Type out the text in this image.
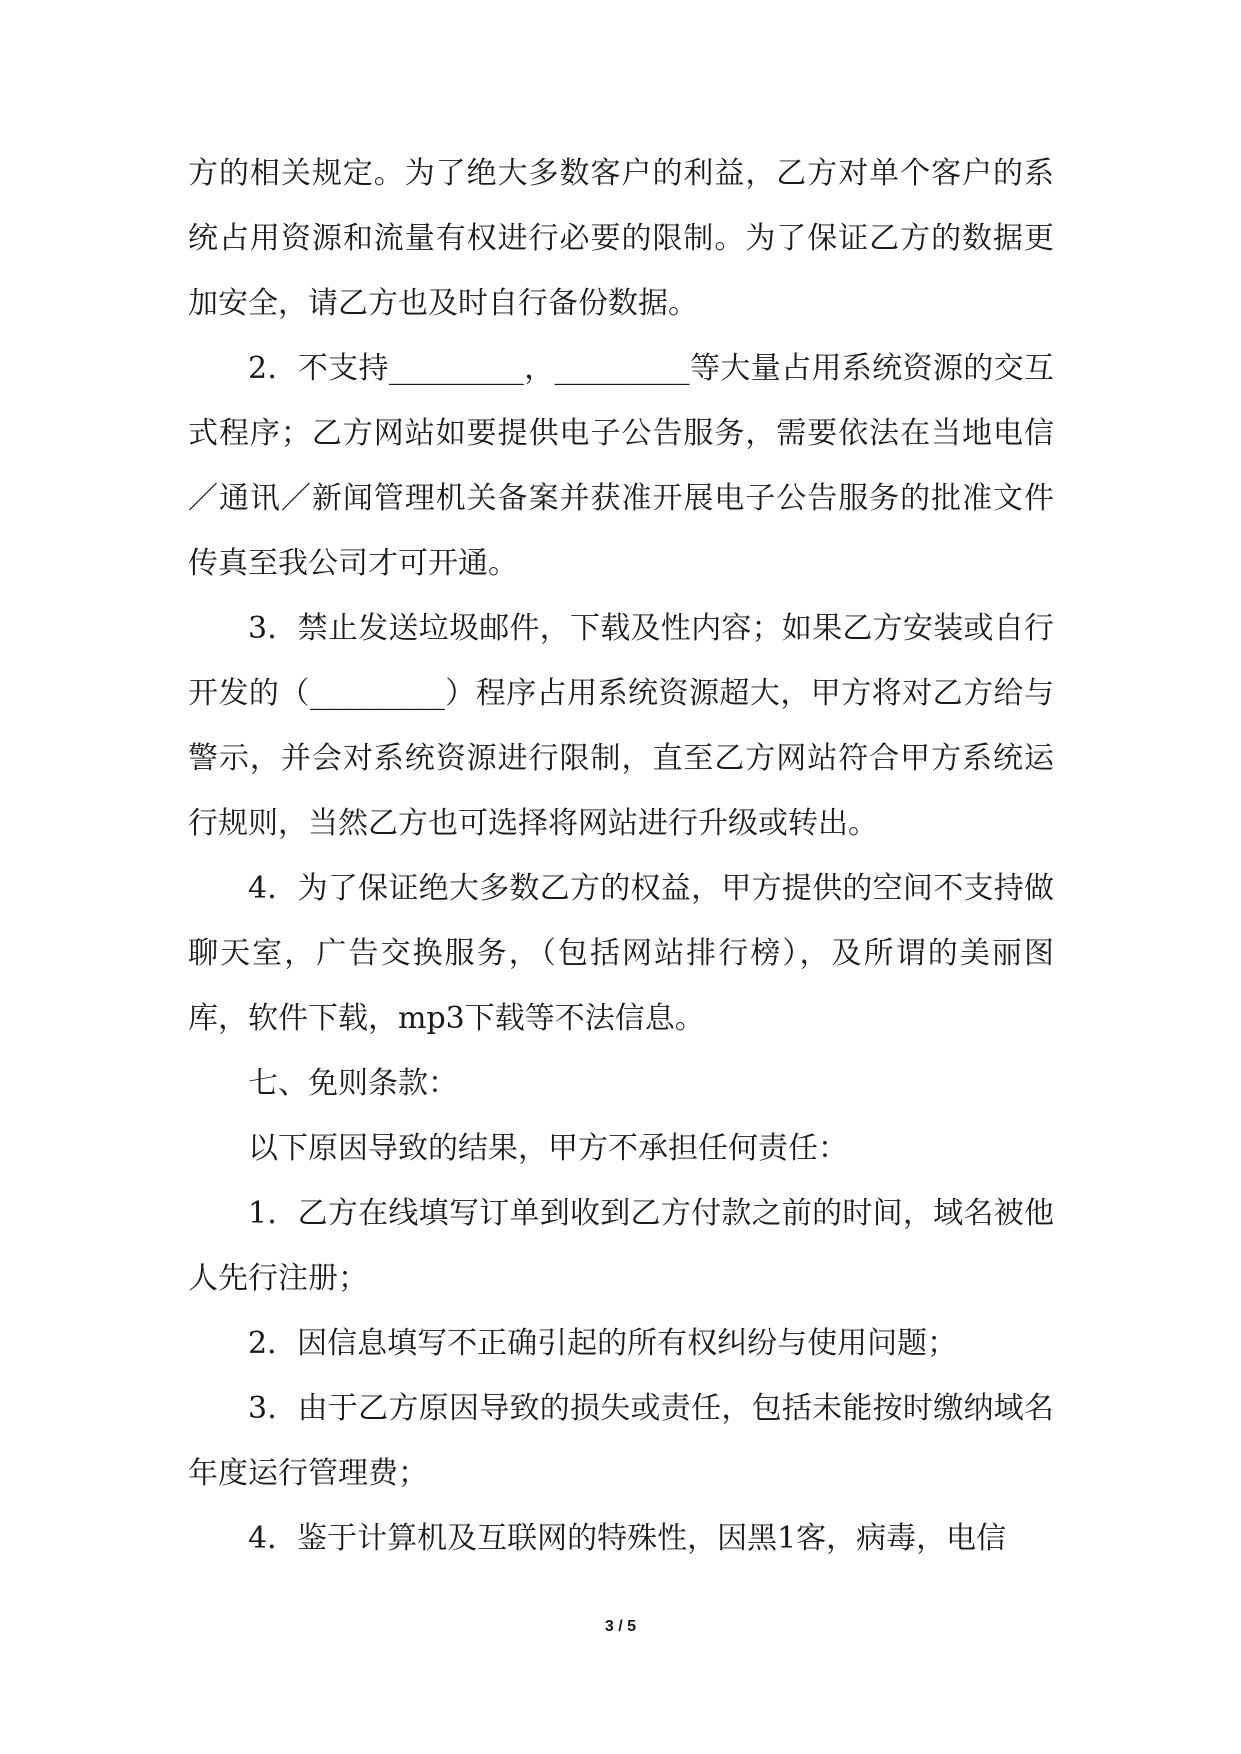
方的相关规定。为了绝大多数客户的利益，乙方对单个客户的系统占用资源和流量有权进行必要的限制。为了保证乙方的数据更加安全，请乙方也及时自行备份数据。

2．不支持_________，_________等大量占用系统资源的交互式程序；乙方网站如要提供电子公告服务，需要依法在当地电信／通讯／新闻管理机关备案并获准开展电子公告服务的批准文件传真至我公司才可开通。

3．禁止发送垃圾邮件，下载及性内容；如果乙方安装或自行开发的（_________）程序占用系统资源超大，甲方将对乙方给与警示，并会对系统资源进行限制，直至乙方网站符合甲方系统运行规则，当然乙方也可选择将网站进行升级或转出。

4．为了保证绝大多数乙方的权益，甲方提供的空间不支持做聊天室，广告交换服务，（包括网站排行榜），及所谓的美丽图库，软件下载，mp3下载等不法信息。

七、免则条款：

以下原因导致的结果，甲方不承担任何责任：

1．乙方在线填写订单到收到乙方付款之前的时间，域名被他人先行注册；

2．因信息填写不正确引起的所有权纠纷与使用问题；

3．由于乙方原因导致的损失或责任，包括未能按时缴纳域名年度运行管理费；

4．鉴于计算机及互联网的特殊性，因黑1客，病毒，电信

3 / 5
